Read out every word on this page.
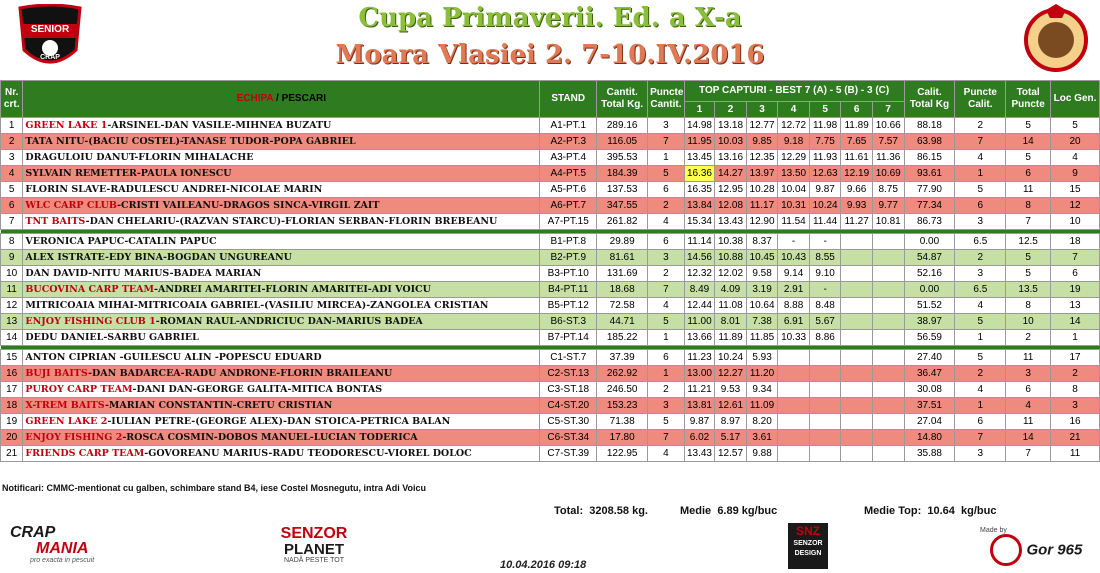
SENIOR
CRAP
Cupa Primaverii. Ed. a X-a
Moara Vlasiei 2. 7-10.IV.2016
Nr. crt.	ECHIPA / PESCARI	STAND	Cantit. Total Kg.	Puncte Cantit.	TOP CAPTURI - BEST 7 (A) - 5 (B) - 3 (C)							Calit. Total Kg	Puncte Calit.	Total Puncte	Loc Gen.
					1	2	3	4	5	6	7				
1	GREEN LAKE 1-ARSINEL-DAN VASILE-MIHNEA BUZATU	A1-PT.1	289.16	3	14.98	13.18	12.77	12.72	11.98	11.89	10.66	88.18	2	5	5
2	TATA NITU-(BACIU COSTEL)-TANASE TUDOR-POPA GABRIEL	A2-PT.3	116.05	7	11.95	10.03	9.85	9.18	7.75	7.65	7.57	63.98	7	14	20
3	DRAGULOIU DANUT-FLORIN MIHALACHE	A3-PT.4	395.53	1	13.45	13.16	12.35	12.29	11.93	11.61	11.36	86.15	4	5	4
4	SYLVAIN REMETTER-PAULA IONESCU	A4-PT.5	184.39	5	16.36	14.27	13.97	13.50	12.63	12.19	10.69	93.61	1	6	9
5	FLORIN SLAVE-RADULESCU ANDREI-NICOLAE MARIN	A5-PT.6	137.53	6	16.35	12.95	10.28	10.04	9.87	9.66	8.75	77.90	5	11	15
6	WLC CARP CLUB-CRISTI VAILEANU-DRAGOS SINCA-VIRGIL ZAIT	A6-PT.7	347.55	2	13.84	12.08	11.17	10.31	10.24	9.93	9.77	77.34	6	8	12
7	TNT BAITS-DAN CHELARIU-(RAZVAN STARCU)-FLORIAN SERBAN-FLORIN BREBEANU	A7-PT.15	261.82	4	15.34	13.43	12.90	11.54	11.44	11.27	10.81	86.73	3	7	10

8	VERONICA PAPUC-CATALIN PAPUC	B1-PT.8	29.89	6	11.14	10.38	8.37	-	-			0.00	6.5	12.5	18
9	ALEX ISTRATE-EDY BINA-BOGDAN UNGUREANU	B2-PT.9	81.61	3	14.56	10.88	10.45	10.43	8.55			54.87	2	5	7
10	DAN DAVID-NITU MARIUS-BADEA MARIAN	B3-PT.10	131.69	2	12.32	12.02	9.58	9.14	9.10			52.16	3	5	6
11	BUCOVINA CARP TEAM-ANDREI AMARITEI-FLORIN AMARITEI-ADI VOICU	B4-PT.11	18.68	7	8.49	4.09	3.19	2.91	-			0.00	6.5	13.5	19
12	MITRICOAIA MIHAI-MITRICOAIA GABRIEL-(VASILIU MIRCEA)-ZANGOLEA CRISTIAN	B5-PT.12	72.58	4	12.44	11.08	10.64	8.88	8.48			51.52	4	8	13
13	ENJOY FISHING CLUB 1-ROMAN RAUL-ANDRICIUC DAN-MARIUS BADEA	B6-ST.3	44.71	5	11.00	8.01	7.38	6.91	5.67			38.97	5	10	14
14	DEDU DANIEL-SARBU GABRIEL	B7-PT.14	185.22	1	13.66	11.89	11.85	10.33	8.86			56.59	1	2	1

15	ANTON CIPRIAN -GUILESCU ALIN -POPESCU EDUARD	C1-ST.7	37.39	6	11.23	10.24	5.93					27.40	5	11	17
16	BUJI BAITS-DAN BADARCEA-RADU ANDRONE-FLORIN BRAILEANU	C2-ST.13	262.92	1	13.00	12.27	11.20					36.47	2	3	2
17	PUROY CARP TEAM-DANI DAN-GEORGE GALITA-MITICA BONTAS	C3-ST.18	246.50	2	11.21	9.53	9.34					30.08	4	6	8
18	X-TREM BAITS-MARIAN CONSTANTIN-CRETU CRISTIAN	C4-ST.20	153.23	3	13.81	12.61	11.09					37.51	1	4	3
19	GREEN LAKE 2-IULIAN PETRE-(GEORGE ALEX)-DAN STOICA-PETRICA BALAN	C5-ST.30	71.38	5	9.87	8.97	8.20					27.04	6	11	16
20	ENJOY FISHING 2-ROSCA COSMIN-DOBOS MANUEL-LUCIAN TODERICA	C6-ST.34	17.80	7	6.02	5.17	3.61					14.80	7	14	21
21	FRIENDS CARP TEAM-GOVOREANU MARIUS-RADU TEODORESCU-VIOREL DOLOC	C7-ST.39	122.95	4	13.43	12.57	9.88					35.88	3	7	11
Notificari: CMMC-mentionat cu galben, schimbare stand B4, iese Costel Mosnegutu, intra Adi Voicu
Total: 3208.58 kg.	Medie 6.89 kg/buc	Medie Top: 10.64 kg/buc
CRAP
MANIA
pro exacta in pescuit
SENZOR
PLANET
NADĂ PESTE TOT
SNZ
SENZOR
DESIGN
Made by
Gor 965
10.04.2016 09:18
